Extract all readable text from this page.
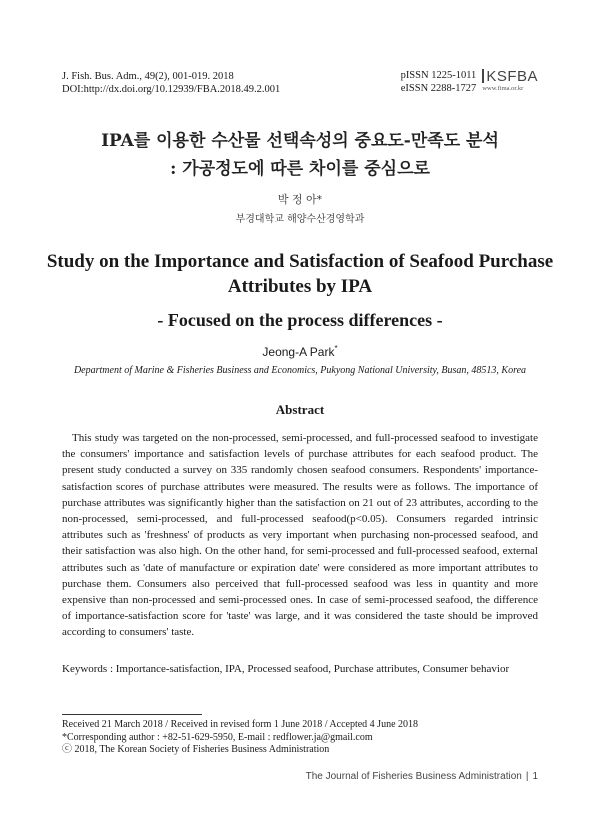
J. Fish. Bus. Adm., 49(2), 001-019. 2018
DOI:http://dx.doi.org/10.12939/FBA.2018.49.2.001
pISSN 1225-1011
eISSN 2288-1727
KSFBA
www.fima.or.kr
IPA를 이용한 수산물 선택속성의 중요도-만족도 분석
: 가공정도에 따른 차이를 중심으로
박 정 아*
부경대학교 해양수산경영학과
Study on the Importance and Satisfaction of Seafood Purchase
Attributes by IPA
- Focused on the process differences -
Jeong-A Park*
Department of Marine & Fisheries Business and Economics, Pukyong National University, Busan, 48513, Korea
Abstract

This study was targeted on the non-processed, semi-processed, and full-processed seafood to investigate the consumers' importance and satisfaction levels of purchase attributes for each seafood product. The present study conducted a survey on 335 randomly chosen seafood consumers. Respondents' importance-satisfaction scores of purchase attributes were measured. The results were as follows. The importance of purchase attributes was significantly higher than the satisfaction on 21 out of 23 attributes, according to the non-processed, semi-processed, and full-processed seafood(p<0.05). Consumers regarded intrinsic attributes such as 'freshness' of products as very important when purchasing non-processed seafood, and their satisfaction was also high. On the other hand, for semi-processed and full-processed seafood, external attributes such as 'date of manufacture or expiration date' were considered as more important attributes to purchase them. Consumers also perceived that full-processed seafood was less in quantity and more expensive than non-processed and semi-processed ones. In case of semi-processed seafood, the difference of importance-satisfaction score for 'taste' was large, and it was considered the taste should be improved according to consumers' taste.

Keywords : Importance-satisfaction, IPA, Processed seafood, Purchase attributes, Consumer behavior
Received 21 March 2018 / Received in revised form 1 June 2018 / Accepted 4 June 2018
*Corresponding author : +82-51-629-5950, E-mail : redflower.ja@gmail.com
ⓒ 2018, The Korean Society of Fisheries Business Administration
The Journal of Fisheries Business Administration | 1
